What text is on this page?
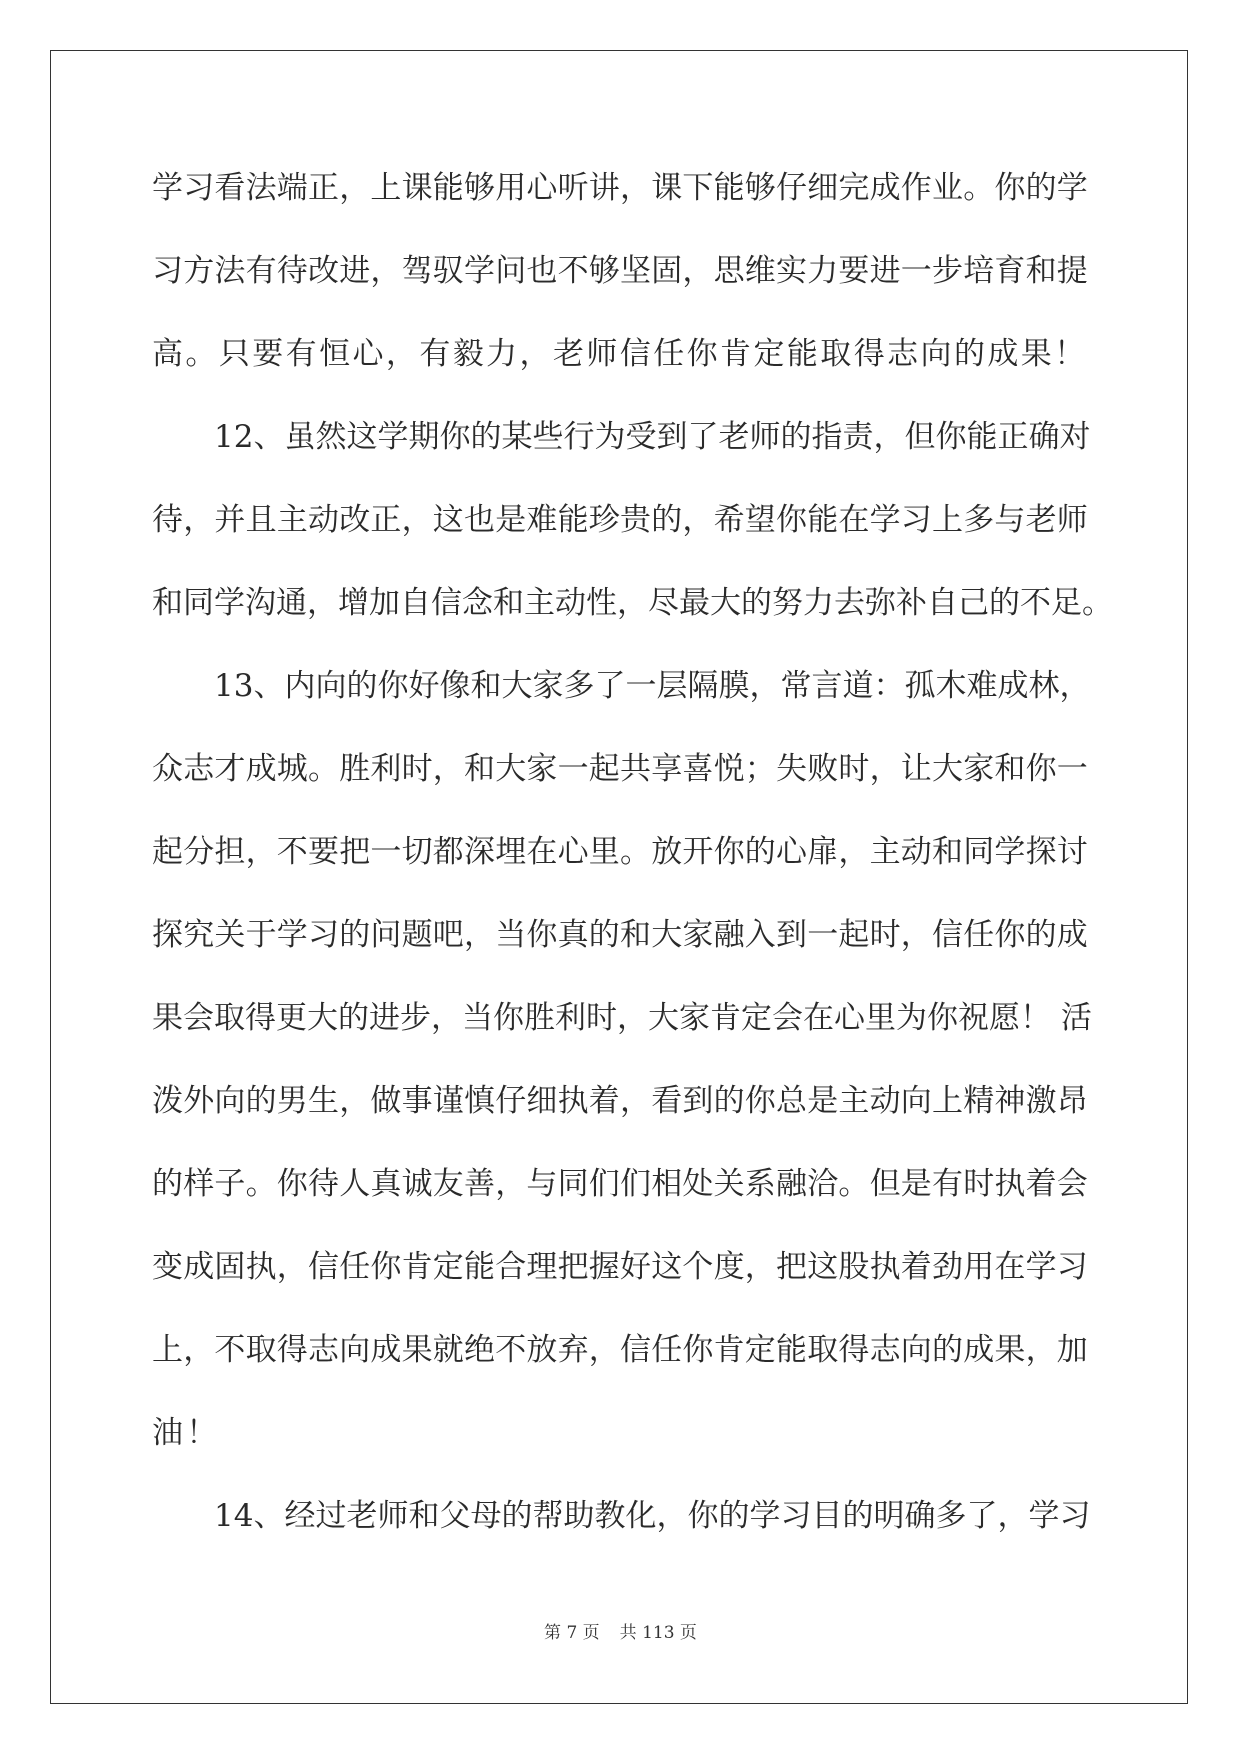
学习看法端正，上课能够用心听讲，课下能够仔细完成作业。你的学
习方法有待改进，驾驭学问也不够坚固，思维实力要进一步培育和提
高。只要有恒心，有毅力，老师信任你肯定能取得志向的成果！
12、虽然这学期你的某些行为受到了老师的指责，但你能正确对
待，并且主动改正，这也是难能珍贵的，希望你能在学习上多与老师
和同学沟通，增加自信念和主动性，尽最大的努力去弥补自己的不足。
13、内向的你好像和大家多了一层隔膜，常言道：孤木难成林，
众志才成城。胜利时，和大家一起共享喜悦；失败时，让大家和你一
起分担，不要把一切都深埋在心里。放开你的心扉，主动和同学探讨
探究关于学习的问题吧，当你真的和大家融入到一起时，信任你的成
果会取得更大的进步，当你胜利时，大家肯定会在心里为你祝愿！ 活
泼外向的男生，做事谨慎仔细执着，看到的你总是主动向上精神激昂
的样子。你待人真诚友善，与同们们相处关系融洽。但是有时执着会
变成固执，信任你肯定能合理把握好这个度，把这股执着劲用在学习
上，不取得志向成果就绝不放弃，信任你肯定能取得志向的成果，加
油！
14、经过老师和父母的帮助教化，你的学习目的明确多了，学习
第 7 页 共 113 页
